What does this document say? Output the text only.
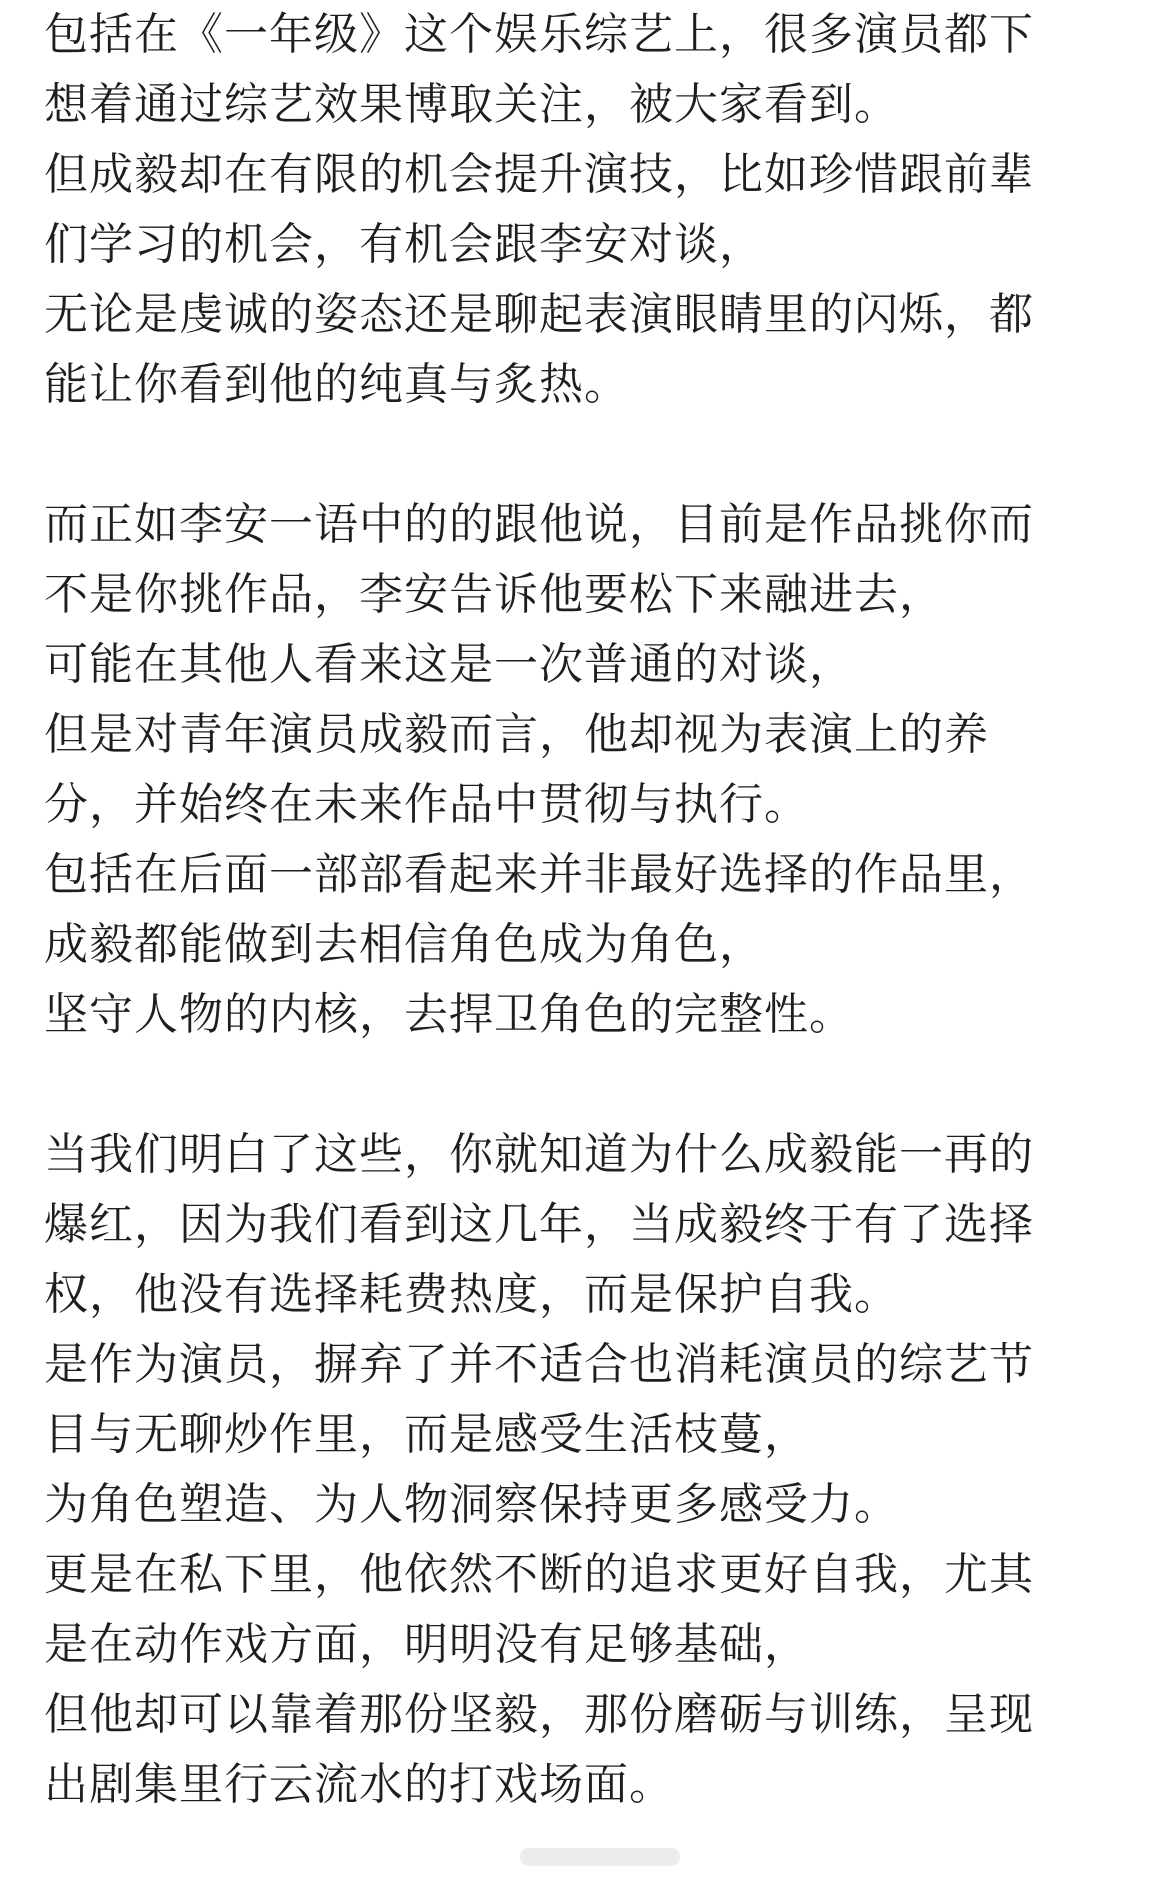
包括在《一年级》这个娱乐综艺上，很多演员都下
想着通过综艺效果博取关注，被大家看到。
但成毅却在有限的机会提升演技，比如珍惜跟前辈
们学习的机会，有机会跟李安对谈，
无论是虔诚的姿态还是聊起表演眼睛里的闪烁，都
能让你看到他的纯真与炙热。
而正如李安一语中的的跟他说，目前是作品挑你而
不是你挑作品，李安告诉他要松下来融进去，
可能在其他人看来这是一次普通的对谈，
但是对青年演员成毅而言，他却视为表演上的养
分，并始终在未来作品中贯彻与执行。
包括在后面一部部看起来并非最好选择的作品里，
成毅都能做到去相信角色成为角色，
坚守人物的内核，去捍卫角色的完整性。
当我们明白了这些，你就知道为什么成毅能一再的
爆红，因为我们看到这几年，当成毅终于有了选择
权，他没有选择耗费热度，而是保护自我。
是作为演员，摒弃了并不适合也消耗演员的综艺节
目与无聊炒作里，而是感受生活枝蔓，
为角色塑造、为人物洞察保持更多感受力。
更是在私下里，他依然不断的追求更好自我，尤其
是在动作戏方面，明明没有足够基础，
但他却可以靠着那份坚毅，那份磨砺与训练，呈现
出剧集里行云流水的打戏场面。
